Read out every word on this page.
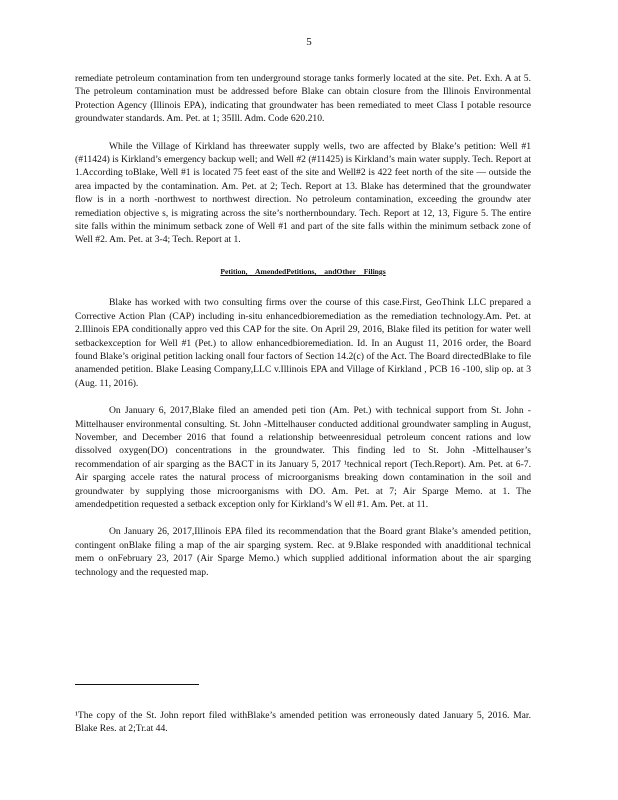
5

remediate petroleum contamination from ten underground storage tanks formerly located at the site. Pet. Exh. A at 5. The petroleum contamination must be addressed before Blake can obtain closure from the Illinois Environmental Protection Agency (Illinois EPA), indicating that groundwater has been remediated to meet Class I potable resource groundwater standards. Am. Pet. at 1; 35Ill. Adm. Code 620.210.

While the Village of Kirkland has threewater supply wells, two are affected by Blake’s petition: Well #1 (#11424) is Kirkland’s emergency backup well; and Well #2 (#11425) is Kirkland’s main water supply. Tech. Report at 1.According toBlake, Well #1 is located 75 feet east of the site and Well#2 is 422 feet north of the site — outside the area impacted by the contamination. Am. Pet. at 2; Tech. Report at 13. Blake has determined that the groundwater flow is in a north -northwest to northwest direction. No petroleum contamination, exceeding the groundw ater remediation objective s, is migrating across the site’s northernboundary. Tech. Report at 12, 13, Figure 5. The entire site falls within the minimum setback zone of Well #1 and part of the site falls within the minimum setback zone of Well #2. Am. Pet. at 3-4; Tech. Report at 1.

Petition, AmendedPetitions, andOther Filings

Blake has worked with two consulting firms over the course of this case.First, GeoThink LLC prepared a Corrective Action Plan (CAP) including in-situ enhancedbioremediation as the remediation technology.Am. Pet. at 2.Illinois EPA conditionally appro ved this CAP for the site. On April 29, 2016, Blake filed its petition for water well setbackexception for Well #1 (Pet.) to allow enhancedbioremediation. Id. In an August 11, 2016 order, the Board found Blake’s original petition lacking onall four factors of Section 14.2(c) of the Act. The Board directedBlake to file anamended petition. Blake Leasing Company,LLC v.Illinois EPA and Village of Kirkland , PCB 16 -100, slip op. at 3 (Aug. 11, 2016).

On January 6, 2017,Blake filed an amended peti tion (Am. Pet.) with technical support from St. John -Mittelhauser environmental consulting. St. John -Mittelhauser conducted additional groundwater sampling in August, November, and December 2016 that found a relationship betweenresidual petroleum concent rations and low dissolved oxygen(DO) concentrations in the groundwater. This finding led to St. John -Mittelhauser’s recommendation of air sparging as the BACT in its January 5, 2017 ¹technical report (Tech.Report). Am. Pet. at 6-7. Air sparging accele rates the natural process of microorganisms breaking down contamination in the soil and groundwater by supplying those microorganisms with DO. Am. Pet. at 7; Air Sparge Memo. at 1. The amendedpetition requested a setback exception only for Kirkland’s W ell #1. Am. Pet. at 11.

On January 26, 2017,Illinois EPA filed its recommendation that the Board grant Blake’s amended petition, contingent onBlake filing a map of the air sparging system. Rec. at 9.Blake responded with anadditional technical mem o onFebruary 23, 2017 (Air Sparge Memo.) which supplied additional information about the air sparging technology and the requested map.

¹The copy of the St. John report filed withBlake’s amended petition was erroneously dated January 5, 2016. Mar. Blake Res. at 2;Tr.at 44.
